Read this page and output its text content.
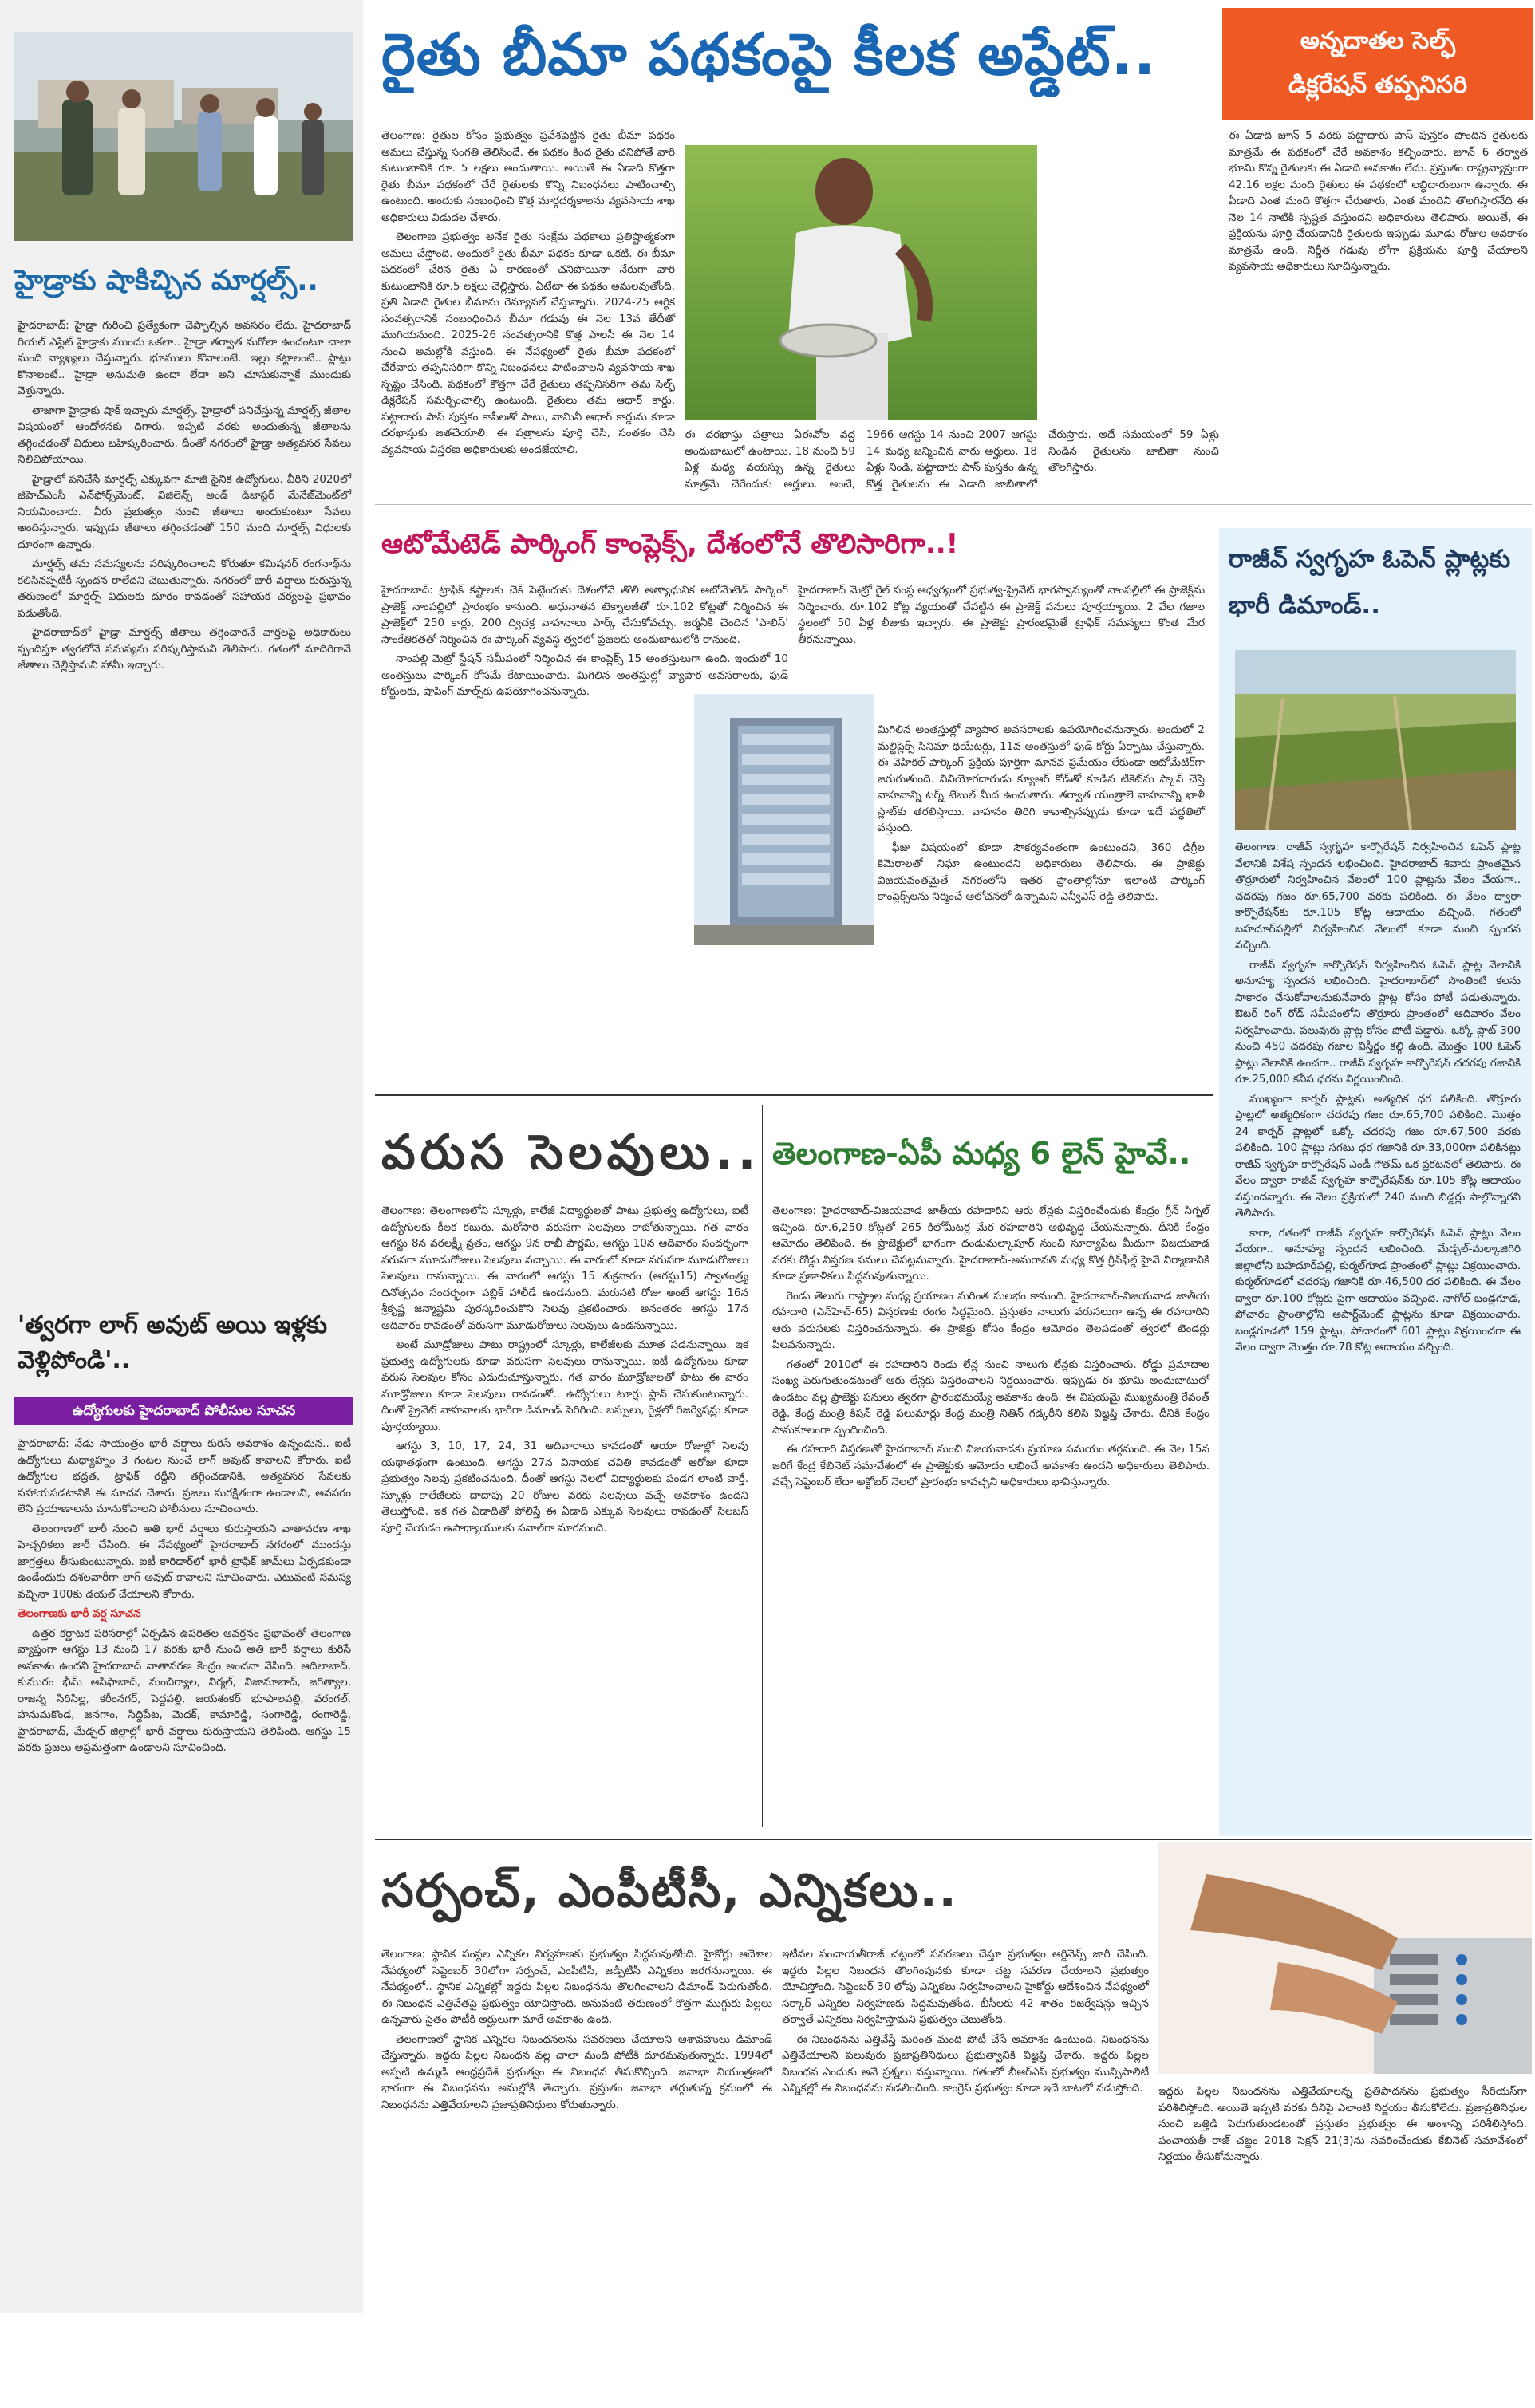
హైడ్రాకు షాకిచ్చిన మార్షల్స్..

హైదరాబాద్: హైడ్రా గురించి ప్రత్యేకంగా చెప్పాల్సిన అవసరం లేదు. హైదరాబాద్ రియల్ ఎస్టేట్ హైడ్రాకు ముందు ఒకలా.. హైడ్రా తర్వాత మరోలా ఉందంటూ చాలా మంది వ్యాఖ్యలు చేస్తున్నారు. భూములు కొనాలంటే.. ఇల్లు కట్టాలంటే.. ప్లాట్లు కొనాలంటే.. హైడ్రా అనుమతి ఉందా లేదా అని చూసుకున్నాకే ముందుకు వెళ్తున్నారు.

తాజాగా హైడ్రాకు షాక్ ఇచ్చారు మార్షల్స్. హైడ్రాలో పనిచేస్తున్న మార్షల్స్ జీతాల విషయంలో ఆందోళనకు దిగారు. ఇప్పటి వరకు అందుతున్న జీతాలను తగ్గించడంతో విధులు బహిష్కరించారు. దీంతో నగరంలో హైడ్రా అత్యవసర సేవలు నిలిచిపోయాయి.

హైడ్రాలో పనిచేసే మార్షల్స్ ఎక్కువగా మాజీ సైనిక ఉద్యోగులు. వీరిని 2020లో జీహెచ్ఎంసీ ఎన్‌ఫోర్స్‌మెంట్, విజిలెన్స్ అండ్ డిజాస్టర్ మేనేజ్‌మెంట్‌లో నియమించారు. వీరు ప్రభుత్వం నుంచి జీతాలు అందుకుంటూ సేవలు అందిస్తున్నారు. ఇప్పుడు జీతాలు తగ్గించడంతో 150 మంది మార్షల్స్ విధులకు దూరంగా ఉన్నారు.

మార్షల్స్ తమ సమస్యలను పరిష్కరించాలని కోరుతూ కమిషనర్ రంగనాథ్‌ను కలిసినప్పటికీ స్పందన రాలేదని చెబుతున్నారు. నగరంలో భారీ వర్షాలు కురుస్తున్న తరుణంలో మార్షల్స్ విధులకు దూరం కావడంతో సహాయక చర్యలపై ప్రభావం పడుతోంది.

హైదరాబాద్‌లో హైడ్రా మార్షల్స్ జీతాలు తగ్గించారనే వార్తలపై అధికారులు స్పందిస్తూ త్వరలోనే సమస్యను పరిష్కరిస్తామని తెలిపారు. గతంలో మాదిరిగానే జీతాలు చెల్లిస్తామని హామీ ఇచ్చారు.

'త్వరగా లాగ్ అవుట్ అయి ఇళ్లకు వెళ్లిపోండి'..
ఉద్యోగులకు హైదరాబాద్ పోలీసుల సూచన

హైదరాబాద్: నేడు సాయంత్రం భారీ వర్షాలు కురిసే అవకాశం ఉన్నందున.. ఐటీ ఉద్యోగులు మధ్యాహ్నం 3 గంటల నుంచే లాగ్ అవుట్ కావాలని కోరారు. ఐటీ ఉద్యోగుల భద్రత, ట్రాఫిక్ రద్దీని తగ్గించడానికి, అత్యవసర సేవలకు సహాయపడటానికి ఈ సూచన చేశారు. ప్రజలు సురక్షితంగా ఉండాలని, అవసరం లేని ప్రయాణాలను మానుకోవాలని పోలీసులు సూచించారు.

తెలంగాణలో భారీ నుంచి అతి భారీ వర్షాలు కురుస్తాయని వాతావరణ శాఖ హెచ్చరికలు జారీ చేసింది. ఈ నేపథ్యంలో హైదరాబాద్ నగరంలో ముందస్తు జాగ్రత్తలు తీసుకుంటున్నారు. ఐటీ కారిడార్‌లో భారీ ట్రాఫిక్ జామ్‌లు ఏర్పడకుండా ఉండేందుకు దశలవారీగా లాగ్ అవుట్ కావాలని సూచించారు. ఎటువంటి సమస్య వచ్చినా 100కు డయల్ చేయాలని కోరారు.

తెలంగాణకు భారీ వర్ష సూచన

ఉత్తర కర్ణాటక పరిసరాల్లో ఏర్పడిన ఉపరితల ఆవర్తనం ప్రభావంతో తెలంగాణ వ్యాప్తంగా ఆగస్టు 13 నుంచి 17 వరకు భారీ నుంచి అతి భారీ వర్షాలు కురిసే అవకాశం ఉందని హైదరాబాద్ వాతావరణ కేంద్రం అంచనా వేసింది. ఆదిలాబాద్, కుమురం భీమ్ ఆసిఫాబాద్, మంచిర్యాల, నిర్మల్, నిజామాబాద్, జగిత్యాల, రాజన్న సిరిసిల్ల, కరీంనగర్, పెద్దపల్లి, జయశంకర్ భూపాలపల్లి, వరంగల్, హనుమకొండ, జనగాం, సిద్దిపేట, మెదక్, కామారెడ్డి, సంగారెడ్డి, రంగారెడ్డి, హైదరాబాద్, మేడ్చల్ జిల్లాల్లో భారీ వర్షాలు కురుస్తాయని తెలిపింది. ఆగస్టు 15 వరకు ప్రజలు అప్రమత్తంగా ఉండాలని సూచించింది.

రైతు బీమా పథకంపై కీలక అప్డేట్..	అన్నదాతల సెల్ఫ్
డిక్లరేషన్ తప్పనిసరి

తెలంగాణ: రైతుల కోసం ప్రభుత్వం ప్రవేశపెట్టిన రైతు బీమా పథకం అమలు చేస్తున్న సంగతి తెలిసిందే. ఈ పథకం కింద రైతు చనిపోతే వారి కుటుంబానికి రూ. 5 లక్షలు అందుతాయి. అయితే ఈ ఏడాది కొత్తగా రైతు బీమా పథకంలో చేరే రైతులకు కొన్ని నిబంధనలు పాటించాల్సి ఉంటుంది. అందుకు సంబంధించి కొత్త మార్గదర్శకాలను వ్యవసాయ శాఖ అధికారులు విడుదల చేశారు.

తెలంగాణ ప్రభుత్వం అనేక రైతు సంక్షేమ పథకాలు ప్రతిష్టాత్మకంగా అమలు చేస్తోంది. అందులో రైతు బీమా పథకం కూడా ఒకటి. ఈ బీమా పథకంలో చేరిన రైతు ఏ కారణంతో చనిపోయినా నేరుగా వారి కుటుంబానికి రూ.5 లక్షలు చెల్లిస్తారు. ఏటేటా ఈ పథకం అమలవుతోంది. ప్రతి ఏడాది రైతుల బీమాను రెన్యూవల్ చేస్తున్నారు. 2024-25 ఆర్థిక సంవత్సరానికి సంబంధించిన బీమా గడువు ఈ నెల 13వ తేదీతో ముగియనుంది. 2025-26 సంవత్సరానికి కొత్త పాలసీ ఈ నెల 14 నుంచి అమల్లోకి వస్తుంది. ఈ నేపథ్యంలో రైతు బీమా పథకంలో చేరేవారు తప్పనిసరిగా కొన్ని నిబంధనలు పాటించాలని వ్యవసాయ శాఖ స్పష్టం చేసింది. పథకంలో కొత్తగా చేరే రైతులు తప్పనిసరిగా తమ సెల్ఫ్ డిక్లరేషన్ సమర్పించాల్సి ఉంటుంది. రైతులు తమ ఆధార్ కార్డు, పట్టాదారు పాస్ పుస్తకం కాపీలతో పాటు, నామినీ ఆధార్ కార్డును కూడా దరఖాస్తుకు జతచేయాలి. ఈ పత్రాలను పూర్తి చేసి, సంతకం చేసి వ్యవసాయ విస్తరణ అధికారులకు అందజేయాలి.

ఈ దరఖాస్తు పత్రాలు ఏఈవోల వద్ద అందుబాటులో ఉంటాయి. 18 నుంచి 59 ఏళ్ల మధ్య వయస్సు ఉన్న రైతులు మాత్రమే చేరేందుకు అర్హులు. అంటే, 1966 ఆగస్టు 14 నుంచి 2007 ఆగస్టు 14 మధ్య జన్మించిన వారు అర్హులు. 18 ఏళ్లు నిండి, పట్టాదారు పాస్ పుస్తకం ఉన్న కొత్త రైతులను ఈ ఏడాది జాబితాలో చేరుస్తారు. అదే సమయంలో 59 ఏళ్లు నిండిన రైతులను జాబితా నుంచి తొలగిస్తారు.

ఈ ఏడాది జూన్ 5 వరకు పట్టాదారు పాస్ పుస్తకం పొందిన రైతులకు మాత్రమే ఈ పథకంలో చేరే అవకాశం కల్పించారు. జూన్ 6 తర్వాత భూమి కొన్న రైతులకు ఈ ఏడాది అవకాశం లేదు. ప్రస్తుతం రాష్ట్రవ్యాప్తంగా 42.16 లక్షల మంది రైతులు ఈ పథకంలో లబ్ధిదారులుగా ఉన్నారు. ఈ ఏడాది ఎంత మంది కొత్తగా చేరుతారు, ఎంత మందిని తొలగిస్తారనేది ఈ నెల 14 నాటికి స్పష్టత వస్తుందని అధికారులు తెలిపారు. అయితే, ఈ ప్రక్రియను పూర్తి చేయడానికి రైతులకు ఇప్పుడు మూడు రోజుల అవకాశం మాత్రమే ఉంది. నిర్ణీత గడువు లోగా ప్రక్రియను పూర్తి చేయాలని వ్యవసాయ అధికారులు సూచిస్తున్నారు.

ఆటోమేటెడ్ పార్కింగ్ కాంప్లెక్స్, దేశంలోనే తొలిసారిగా..!

హైదరాబాద్: ట్రాఫిక్ కష్టాలకు చెక్ పెట్టేందుకు దేశంలోనే తొలి అత్యాధునిక ఆటోమేటెడ్ పార్కింగ్ ప్రాజెక్ట్ నాంపల్లిలో ప్రారంభం కానుంది. అధునాతన టెక్నాలజీతో రూ.102 కోట్లతో నిర్మించిన ఈ ప్రాజెక్ట్‌లో 250 కార్లు, 200 ద్విచక్ర వాహనాలు పార్క్ చేసుకోవచ్చు. జర్మనీకి చెందిన 'పాలిస్' సాంకేతికతతో నిర్మించిన ఈ పార్కింగ్ వ్యవస్థ త్వరలో ప్రజలకు అందుబాటులోకి రానుంది.

నాంపల్లి మెట్రో స్టేషన్ సమీపంలో నిర్మించిన ఈ కాంప్లెక్స్ 15 అంతస్తులుగా ఉంది. ఇందులో 10 అంతస్తులు పార్కింగ్ కోసమే కేటాయించారు. మిగిలిన అంతస్తుల్లో వ్యాపార అవసరాలకు, ఫుడ్ కోర్టులకు, షాపింగ్ మాల్స్‌కు ఉపయోగించనున్నారు.

హైదరాబాద్ మెట్రో రైల్ సంస్థ ఆధ్వర్యంలో ప్రభుత్వ-ప్రైవేట్ భాగస్వామ్యంతో నాంపల్లిలో ఈ ప్రాజెక్ట్‌ను నిర్మించారు. రూ.102 కోట్ల వ్యయంతో చేపట్టిన ఈ ప్రాజెక్ట్ పనులు పూర్తయ్యాయి. 2 వేల గజాల స్థలంలో 50 ఏళ్ల లీజుకు ఇచ్చారు. ఈ ప్రాజెక్టు ప్రారంభమైతే ట్రాఫిక్ సమస్యలు కొంత మేర తీరనున్నాయి.

మిగిలిన అంతస్తుల్లో వ్యాపార అవసరాలకు ఉపయోగించనున్నారు. అందులో 2 మల్టిప్లెక్స్ సినిమా థియేటర్లు, 11వ అంతస్తులో ఫుడ్ కోర్టు ఏర్పాటు చేస్తున్నారు. ఈ వెహికల్ పార్కింగ్ ప్రక్రియ పూర్తిగా మానవ ప్రమేయం లేకుండా ఆటోమేటిక్‌గా జరుగుతుంది. వినియోగదారుడు క్యూఆర్ కోడ్‌తో కూడిన టికెట్‌ను స్కాన్ చేస్తే వాహనాన్ని టర్న్ టేబుల్ మీద ఉంచుతారు. తర్వాత యంత్రాలే వాహనాన్ని ఖాళీ స్లాట్‌కు తరలిస్తాయి. వాహనం తిరిగి కావాల్సినప్పుడు కూడా ఇదే పద్ధతిలో వస్తుంది.

ఫీజు విషయంలో కూడా సౌకర్యవంతంగా ఉంటుందని, 360 డిగ్రీల కెమెరాలతో నిఘా ఉంటుందని అధికారులు తెలిపారు. ఈ ప్రాజెక్టు విజయవంతమైతే నగరంలోని ఇతర ప్రాంతాల్లోనూ ఇలాంటి పార్కింగ్ కాంప్లెక్స్‌లను నిర్మించే ఆలోచనలో ఉన్నామని ఎన్వీఎస్ రెడ్డి తెలిపారు.

రాజీవ్ స్వగృహ ఓపెన్ ప్లాట్లకు భారీ డిమాండ్..

తెలంగాణ: రాజీవ్ స్వగృహ కార్పొరేషన్ నిర్వహించిన ఓపెన్ ప్లాట్ల వేలానికి విశేష స్పందన లభించింది. హైదరాబాద్ శివారు ప్రాంతమైన తొర్రూరులో నిర్వహించిన వేలంలో 100 ప్లాట్లను వేలం వేయగా.. చదరపు గజం రూ.65,700 వరకు పలికింది. ఈ వేలం ద్వారా కార్పొరేషన్‌కు రూ.105 కోట్ల ఆదాయం వచ్చింది. గతంలో బహదూర్‌పల్లిలో నిర్వహించిన వేలంలో కూడా మంచి స్పందన వచ్చింది.

రాజీవ్ స్వగృహ కార్పొరేషన్ నిర్వహించిన ఓపెన్ ప్లాట్ల వేలానికి అనూహ్య స్పందన లభించింది. హైదరాబాద్‌లో సొంతింటి కలను సాకారం చేసుకోవాలనుకునేవారు ప్లాట్ల కోసం పోటీ పడుతున్నారు. ఔటర్ రింగ్ రోడ్ సమీపంలోని తొర్రూరు ప్రాంతంలో ఆదివారం వేలం నిర్వహించారు. పలువురు ప్లాట్ల కోసం పోటీ పడ్డారు. ఒక్కో ప్లాట్ 300 నుంచి 450 చదరపు గజాల విస్తీర్ణం కల్గి ఉంది. మొత్తం 100 ఓపెన్ ప్లాట్లు వేలానికి ఉంచగా.. రాజీవ్ స్వగృహ కార్పొరేషన్ చదరపు గజానికి రూ.25,000 కనీస ధరను నిర్ణయించింది.

ముఖ్యంగా కార్నర్ ప్లాట్లకు అత్యధిక ధర పలికింది. తొర్రూరు ప్లాట్లలో అత్యధికంగా చదరపు గజం రూ.65,700 పలికింది. మొత్తం 24 కార్నర్ ప్లాట్లలో ఒక్కో చదరపు గజం రూ.67,500 వరకు పలికింది. 100 ప్లాట్లు సగటు ధర గజానికి రూ.33,000గా పలికినట్లు రాజీవ్ స్వగృహ కార్పొరేషన్ ఎండీ గౌతమ్ ఒక ప్రకటనలో తెలిపారు. ఈ వేలం ద్వారా రాజీవ్ స్వగృహ కార్పొరేషన్‌కు రూ.105 కోట్ల ఆదాయం వస్తుందన్నారు. ఈ వేలం ప్రక్రియలో 240 మంది బిడ్డర్లు పాల్గొన్నారని తెలిపారు.

కాగా, గతంలో రాజీవ్ స్వగృహ కార్పొరేషన్ ఓపెన్ ప్లాట్లు వేలం వేయగా.. అనూహ్య స్పందన లభించింది. మేడ్చల్-మల్కాజిగిరి జిల్లాలోని బహదూర్‌పల్లి, కుర్మల్‌గూడ ప్రాంతంలో ప్లాట్లు విక్రయించారు. కుర్మల్‌గూడలో చదరపు గజానికి రూ.46,500 ధర పలికింది. ఈ వేలం ద్వారా రూ.100 కోట్లకు పైగా ఆదాయం వచ్చింది. నాగోల్ బండ్లగూడ, పోచారం ప్రాంతాల్లోని అపార్ట్‌మెంట్ ఫ్లాట్లను కూడా విక్రయించారు. బండ్లగూడలో 159 ఫ్లాట్లు, పోచారంలో 601 ఫ్లాట్లు విక్రయించగా ఈ వేలం ద్వారా మొత్తం రూ.78 కోట్ల ఆదాయం వచ్చింది.

వరుస సెలవులు..

తెలంగాణ: తెలంగాణలోని స్కూళ్లు, కాలేజీ విద్యార్థులతో పాటు ప్రభుత్వ ఉద్యోగులు, ఐటీ ఉద్యోగులకు కీలక కబురు. మరోసారి వరుసగా సెలవులు రాబోతున్నాయి. గత వారం ఆగస్టు 8న వరలక్ష్మీ వ్రతం, ఆగస్టు 9న రాఖీ పౌర్ణమి, ఆగస్టు 10న ఆదివారం సందర్భంగా వరుసగా మూడురోజులు సెలవులు వచ్చాయి. ఈ వారంలో కూడా వరుసగా మూడురోజులు సెలవులు రానున్నాయి. ఈ వారంలో ఆగస్టు 15 శుక్రవారం (ఆగస్టు15) స్వాతంత్ర్య దినోత్సవం సందర్భంగా పబ్లిక్ హాలీడే ఉండనుంది. మరుసటి రోజు అంటే ఆగస్టు 16న శ్రీకృష్ణ జన్మాష్టమి పురస్కరించుకొని సెలవు ప్రకటించారు. అనంతరం ఆగస్టు 17న ఆదివారం కావడంతో వరుసగా మూడురోజులు సెలవులు ఉండనున్నాయి.

అంటే మూడ్రోజులు పాటు రాష్ట్రంలో స్కూళ్లు, కాలేజీలకు మూత పడనున్నాయి. ఇక ప్రభుత్వ ఉద్యోగులకు కూడా వరుసగా సెలవులు రానున్నాయి. ఐటీ ఉద్యోగులు కూడా వరుస సెలవుల కోసం ఎదురుచూస్తున్నారు. గత వారం మూడ్రోజులతో పాటు ఈ వారం మూడ్రోజులు కూడా సెలవులు రావడంతో.. ఉద్యోగులు టూర్లు ప్లాన్ చేసుకుంటున్నారు. దీంతో ప్రైవేట్ వాహనాలకు భారీగా డిమాండ్ పెరిగింది. బస్సులు, రైళ్లలో రిజర్వేషన్లు కూడా పూర్తయ్యాయి.

ఆగస్టు 3, 10, 17, 24, 31 ఆదివారాలు కావడంతో ఆయా రోజుల్లో సెలవు యథాతథంగా ఉంటుంది. ఆగస్టు 27న వినాయక చవితి కావడంతో ఆరోజు కూడా ప్రభుత్వం సెలవు ప్రకటించనుంది. దీంతో ఆగస్టు నెలలో విద్యార్థులకు పండగ లాంటి వార్తే. స్కూళ్లు కాలేజీలకు దాదాపు 20 రోజుల వరకు సెలవులు వచ్చే అవకాశం ఉందని తెలుస్తోంది. ఇక గత ఏడాదితో పోలిస్తే ఈ ఏడాది ఎక్కువ సెలవులు రావడంతో సిలబస్ పూర్తి చేయడం ఉపాధ్యాయులకు సవాల్‌గా మారనుంది.

తెలంగాణ-ఏపీ మధ్య 6 లైన్ హైవే..

తెలంగాణ: హైదరాబాద్-విజయవాడ జాతీయ రహదారిని ఆరు లేన్లకు విస్తరించేందుకు కేంద్రం గ్రీన్ సిగ్నల్ ఇచ్చింది. రూ.6,250 కోట్లతో 265 కిలోమీటర్ల మేర రహదారిని అభివృద్ధి చేయనున్నారు. దీనికి కేంద్రం ఆమోదం తెలిపింది. ఈ ప్రాజెక్టులో భాగంగా దండుమల్కాపూర్ నుంచి సూర్యాపేట మీదుగా విజయవాడ వరకు రోడ్డు విస్తరణ పనులు చేపట్టనున్నారు. హైదరాబాద్-అమరావతి మధ్య కొత్త గ్రీన్‌ఫీల్డ్ హైవే నిర్మాణానికి కూడా ప్రణాళికలు సిద్ధమవుతున్నాయి.

రెండు తెలుగు రాష్ట్రాల మధ్య ప్రయాణం మరింత సులభం కానుంది. హైదరాబాద్-విజయవాడ జాతీయ రహదారి (ఎన్‌హెచ్-65) విస్తరణకు రంగం సిద్ధమైంది. ప్రస్తుతం నాలుగు వరుసలుగా ఉన్న ఈ రహదారిని ఆరు వరుసలకు విస్తరించనున్నారు. ఈ ప్రాజెక్టు కోసం కేంద్రం ఆమోదం తెలపడంతో త్వరలో టెండర్లు పిలవనున్నారు.

గతంలో 2010లో ఈ రహదారిని రెండు లేన్ల నుంచి నాలుగు లేన్లకు విస్తరించారు. రోడ్డు ప్రమాదాల సంఖ్య పెరుగుతుండటంతో ఆరు లేన్లకు విస్తరించాలని నిర్ణయించారు. ఇప్పుడు ఈ భూమి అందుబాటులో ఉండటం వల్ల ప్రాజెక్టు పనులు త్వరగా ప్రారంభమయ్యే అవకాశం ఉంది. ఈ విషయమై ముఖ్యమంత్రి రేవంత్ రెడ్డి, కేంద్ర మంత్రి కిషన్ రెడ్డి పలుమార్లు కేంద్ర మంత్రి నితిన్ గడ్కరీని కలిసి విజ్ఞప్తి చేశారు. దీనికి కేంద్రం సానుకూలంగా స్పందించింది.

ఈ రహదారి విస్తరణతో హైదరాబాద్ నుంచి విజయవాడకు ప్రయాణ సమయం తగ్గనుంది. ఈ నెల 15న జరిగే కేంద్ర కేబినెట్ సమావేశంలో ఈ ప్రాజెక్టుకు ఆమోదం లభించే అవకాశం ఉందని అధికారులు తెలిపారు. వచ్చే సెప్టెంబర్ లేదా అక్టోబర్ నెలలో ప్రారంభం కావచ్చని అధికారులు భావిస్తున్నారు.

సర్పంచ్, ఎంపీటీసీ, ఎన్నికలు..

తెలంగాణ: స్థానిక సంస్థల ఎన్నికల నిర్వహణకు ప్రభుత్వం సిద్ధమవుతోంది. హైకోర్టు ఆదేశాల నేపథ్యంలో సెప్టెంబర్ 30లోగా సర్పంచ్, ఎంపీటీసీ, జడ్పీటీసీ ఎన్నికలు జరగనున్నాయి. ఈ నేపథ్యంలో.. స్థానిక ఎన్నికల్లో ఇద్దరు పిల్లల నిబంధనను తొలగించాలని డిమాండ్ పెరుగుతోంది. ఈ నిబంధన ఎత్తివేతపై ప్రభుత్వం యోచిస్తోంది. అనువంటి తరుణంలో కొత్తగా ముగ్గురు పిల్లలు ఉన్నవారు సైతం పోటీకి అర్హులుగా మారే అవకాశం ఉంది.

తెలంగాణలో స్థానిక ఎన్నికల నిబంధనలను సవరణలు చేయాలని ఆశావహులు డిమాండ్ చేస్తున్నారు. ఇద్దరు పిల్లల నిబంధన వల్ల చాలా మంది పోటీకి దూరమవుతున్నారు. 1994లో అప్పటి ఉమ్మడి ఆంధ్రప్రదేశ్ ప్రభుత్వం ఈ నిబంధన తీసుకొచ్చింది. జనాభా నియంత్రణలో భాగంగా ఈ నిబంధనను అమల్లోకి తెచ్చారు. ప్రస్తుతం జనాభా తగ్గుతున్న క్రమంలో ఈ నిబంధనను ఎత్తివేయాలని ప్రజాప్రతినిధులు కోరుతున్నారు.

ఇటీవల పంచాయతీరాజ్ చట్టంలో సవరణలు చేస్తూ ప్రభుత్వం ఆర్డినెన్స్ జారీ చేసింది. ఇద్దరు పిల్లల నిబంధన తొలగింపునకు కూడా చట్ట సవరణ చేయాలని ప్రభుత్వం యోచిస్తోంది. సెప్టెంబర్ 30 లోపు ఎన్నికలు నిర్వహించాలని హైకోర్టు ఆదేశించిన నేపథ్యంలో సర్కార్ ఎన్నికల నిర్వహణకు సిద్ధమవుతోంది. బీసీలకు 42 శాతం రిజర్వేషన్లు ఇచ్చిన తర్వాతే ఎన్నికలు నిర్వహిస్తామని ప్రభుత్వం చెబుతోంది.

ఈ నిబంధనను ఎత్తివేస్తే మరింత మంది పోటీ చేసే అవకాశం ఉంటుంది. నిబంధనను ఎత్తివేయాలని పలువురు ప్రజాప్రతినిధులు ప్రభుత్వానికి విజ్ఞప్తి చేశారు. ఇద్దరు పిల్లల నిబంధన ఎందుకు అనే ప్రశ్నలు వస్తున్నాయి. గతంలో బీఆర్ఎస్ ప్రభుత్వం మున్సిపాలిటీ ఎన్నికల్లో ఈ నిబంధనను సడలించింది. కాంగ్రెస్ ప్రభుత్వం కూడా ఇదే బాటలో నడుస్తోంది.	ఇద్దరు పిల్లల నిబంధనను ఎత్తివేయాలన్న ప్రతిపాదనను ప్రభుత్వం సీరియస్‌గా పరిశీలిస్తోంది. అయితే ఇప్పటి వరకు దీనిపై ఎలాంటి నిర్ణయం తీసుకోలేదు. ప్రజాప్రతినిధుల నుంచి ఒత్తిడి పెరుగుతుండటంతో ప్రస్తుతం ప్రభుత్వం ఈ అంశాన్ని పరిశీలిస్తోంది. పంచాయతీ రాజ్ చట్టం 2018 సెక్షన్ 21(3)ను సవరించేందుకు కేబినెట్ సమావేశంలో నిర్ణయం తీసుకోనున్నారు.
